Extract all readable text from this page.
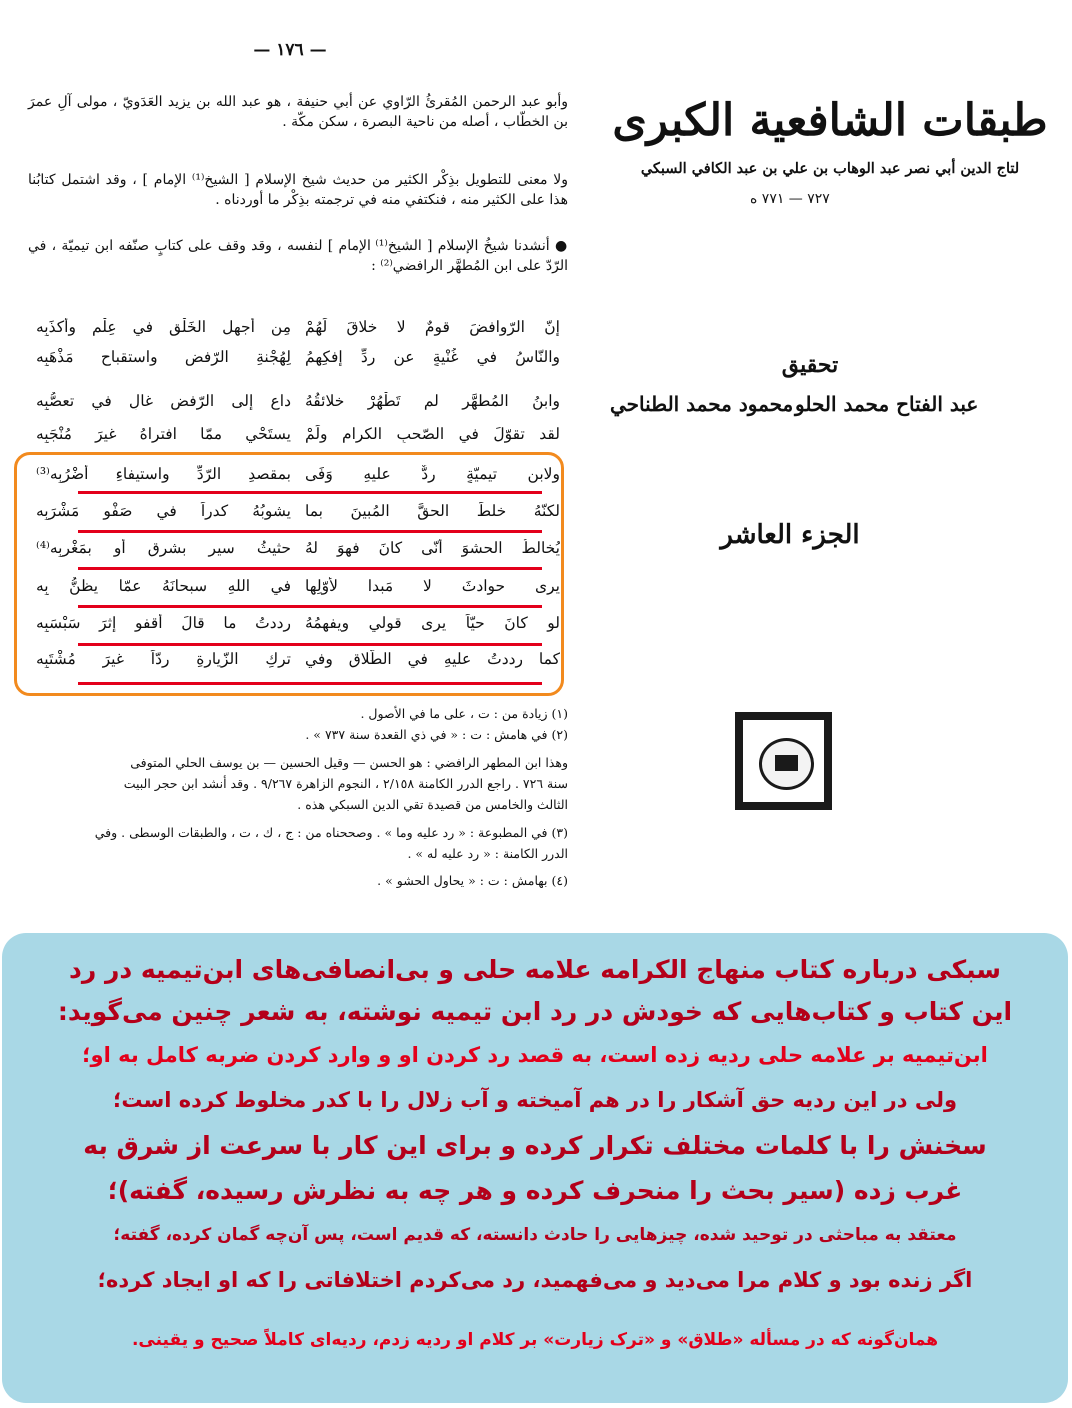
— ١٧٦ —
طبقات الشافعية الكبرى
لتاج الدين أبي نصر عبد الوهاب بن علي بن عبد الكافي السبكي
٧٢٧ — ٧٧١ ه
تحقيق
عبد الفتاح محمد الحلو
محمود محمد الطناحي
الجزء العاشر
وأبو عبد الرحمن المُقرئُ الرّاوي عن أبي حنيفة ، هو عبد الله بن يزيد العَدَويّ ، مولى آلِ عمرَ بن الخطّاب ، أصله من ناحية البصرة ، سكن مكّة .
ولا معنى للتطويل بذِكْر الكثير من حديث شيخ الإسلام [ الشيخ⁽¹⁾ الإمام ] ، وقد اشتمل كتابُنا هذا على الكثير منه ، فنكتفي منه في ترجمته بذِكْر ما أوردناه .
● أنشدنا شيخُ الإسلام [ الشيخ⁽¹⁾ الإمام ] لنفسه ، وقد وقف على كتابٍ صنّفه ابن تيميّة ، في الرّدّ على ابن المُطهَّر الرافضي⁽²⁾ :
إنّ الرّوافضَ قومٌ لا خلاقَ لَهُمْ
مِن أجهلِ الخَلْقِ في عِلْمٍ وأكذَبِه
والنّاسُ في غُنْيةٍ عن ردِّ إفكِهِمُ
لِهُجْنةِ الرّفضِ واستقباحِ مَذْهَبِه
وابنُ المُطهَّرِ لم تَطْهُرْ خلائقُهُ
داعٍ إلى الرّفضِ غالٍ في تعصُّبِه
لقد تقوّلَ في الصّحبِ الكرامِ ولَمْ
يستَحْيِ ممّا افتراهُ غيرَ مُنْجَبِه
ولابنِ تيميّةٍ ردٌّ عليهِ وَفَى
بمقصدِ الرّدِّ واستيفاءِ أضْرُبِه⁽³⁾
لكنّهُ خلطَ الحقَّ المُبينَ بما
يشوبُهُ كدراً في صَفْوِ مَشْرَبِه
يُخالطُ الحشوَ أنّى كانَ فهوَ لهُ
حثيثُ سيرٍ بشرقٍ أو بمَغْرِبِه⁽⁴⁾
يرى حوادثَ لا مَبدا لأوّلِها
في اللهِ سبحانَهُ عمّا يظنُّ بِه
لو كانَ حيّاً يرى قولي ويفهمُهُ
رددتُ ما قالَ أقفو إثرَ سَبْسَبِه
كما رددتُ عليهِ في الطّلاقِ وفي
تركِ الزّيارةِ ردّاً غيرَ مُشْتَبِه
(١) زيادة من : ت ، على ما في الأصول .
(٢) في هامش : ت : « في ذي القعدة سنة ٧٣٧ » .
وهذا ابن المطهر الرافضي : هو الحسن — وقيل الحسين — بن يوسف الحلي المتوفى
سنة ٧٢٦ . راجع الدرر الكامنة ٢/١٥٨ ، النجوم الزاهرة ٩/٢٦٧ . وقد أنشد ابن حجر البيت
الثالث والخامس من قصيدة تقي الدين السبكي هذه .
(٣) في المطبوعة : « رد عليه وما » . وصححناه من : ج ، ك ، ت ، والطبقات الوسطى . وفي
الدرر الكامنة : « رد عليه له » .
(٤) بهامش : ت : « يحاول الحشو » .
سبکی درباره کتاب منهاج الکرامه علامه حلی و بی‌انصافی‌های ابن‌تیمیه در رد
این کتاب و کتاب‌هایی که خودش در رد ابن تیمیه نوشته، به شعر چنین می‌گوید:
ابن‌تیمیه بر علامه حلی ردیه زده است، به قصد رد کردن او و وارد کردن ضربه کامل به او؛
ولی در این ردیه حق آشکار را در هم آمیخته و آب زلال را با کدر مخلوط کرده است؛
سخنش را با کلمات مختلف تکرار کرده و برای این کار با سرعت از شرق به
غرب زده (سیر بحث را منحرف کرده و هر چه به نظرش رسیده، گفته)؛
معتقد به مباحثی در توحید شده، چیزهایی را حادث دانسته، که قدیم است، پس آن‌چه گمان کرده، گفته؛
اگر زنده بود و کلام مرا می‌دید و می‌فهمید، رد می‌کردم اختلافاتی را که او ایجاد کرده؛
همان‌گونه که در مسأله «طلاق» و «ترک زیارت» بر کلام او ردیه زدم، ردیه‌ای کاملاً صحیح و یقینی.
